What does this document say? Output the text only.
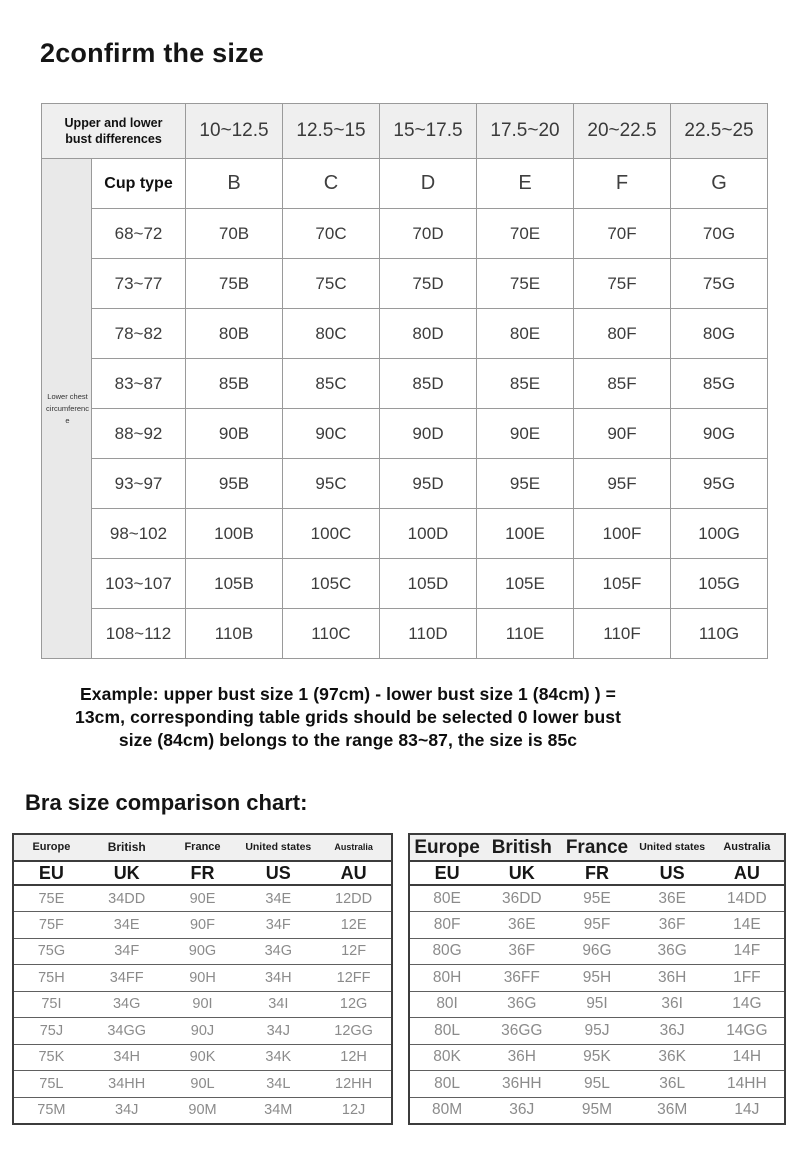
2confirm the size
Upper and lower bust differences		10~12.5	12.5~15	15~17.5	17.5~20	20~22.5	22.5~25
Lower chest circumference	Cup type	B	C	D	E	F	G
	68~72	70B	70C	70D	70E	70F	70G
	73~77	75B	75C	75D	75E	75F	75G
	78~82	80B	80C	80D	80E	80F	80G
	83~87	85B	85C	85D	85E	85F	85G
	88~92	90B	90C	90D	90E	90F	90G
	93~97	95B	95C	95D	95E	95F	95G
	98~102	100B	100C	100D	100E	100F	100G
	103~107	105B	105C	105D	105E	105F	105G
	108~112	110B	110C	110D	110E	110F	110G
Example: upper bust size 1 (97cm) - lower bust size 1 (84cm) ) =
13cm, corresponding table grids should be selected 0 lower bust
size (84cm) belongs to the range 83~87, the size is 85c
Bra size comparison chart:
Europe	British	France	United states	Australia
EU	UK	FR	US	AU
75E	34DD	90E	34E	12DD
75F	34E	90F	34F	12E
75G	34F	90G	34G	12F
75H	34FF	90H	34H	12FF
75I	34G	90I	34I	12G
75J	34GG	90J	34J	12GG
75K	34H	90K	34K	12H
75L	34HH	90L	34L	12HH
75M	34J	90M	34M	12J
Europe	British	France	United states	Australia
EU	UK	FR	US	AU
80E	36DD	95E	36E	14DD
80F	36E	95F	36F	14E
80G	36F	96G	36G	14F
80H	36FF	95H	36H	1FF
80I	36G	95I	36I	14G
80L	36GG	95J	36J	14GG
80K	36H	95K	36K	14H
80L	36HH	95L	36L	14HH
80M	36J	95M	36M	14J
